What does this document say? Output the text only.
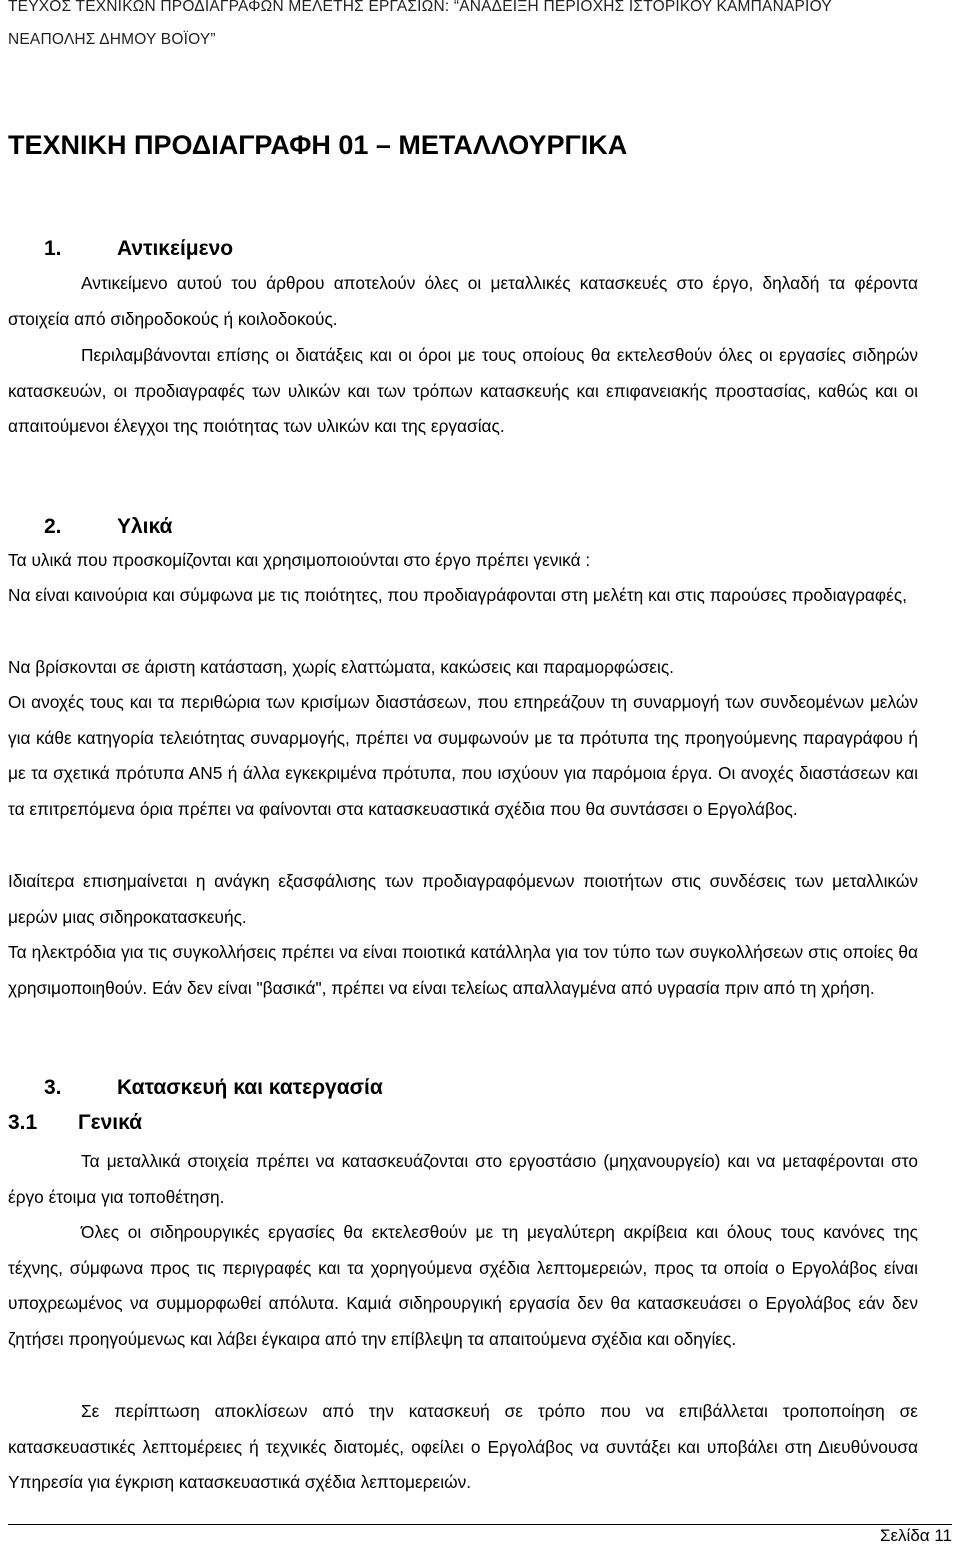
ΤΕΥΧΟΣ ΤΕΧΝΙΚΩΝ ΠΡΟΔΙΑΓΡΑΦΩΝ ΜΕΛΕΤΗΣ ΕΡΓΑΣΙΩΝ: “ΑΝΑΔΕΙΞΗ ΠΕΡΙΟΧΗΣ ΙΣΤΟΡΙΚΟΥ ΚΑΜΠΑΝΑΡΙΟΥ
ΝΕΑΠΟΛΗΣ ΔΗΜΟΥ ΒΟΪΟΥ”
ΤΕΧΝΙΚΗ ΠΡΟΔΙΑΓΡΑΦΗ 01 – ΜΕΤΑΛΛΟΥΡΓΙΚΑ
1.	Αντικείμενο
Αντικείμενο αυτού του άρθρου αποτελούν όλες οι μεταλλικές κατασκευές στο έργο, δηλαδή τα φέροντα στοιχεία από σιδηροδοκούς ή κοιλοδοκούς.
Περιλαμβάνονται επίσης οι διατάξεις και οι όροι με τους οποίους θα εκτελεσθούν όλες οι εργασίες σιδηρών κατασκευών, οι προδιαγραφές των υλικών και των τρόπων κατασκευής και επιφανειακής προστασίας, καθώς και οι απαιτούμενοι έλεγχοι της ποιότητας των υλικών και της εργασίας.
2.	Υλικά
Τα υλικά που προσκομίζονται και χρησιμοποιούνται στο έργο πρέπει γενικά :
Να είναι καινούρια και σύμφωνα με τις ποιότητες, που προδιαγράφονται στη μελέτη και στις παρούσες προδιαγραφές,
Να βρίσκονται σε άριστη κατάσταση, χωρίς ελαττώματα, κακώσεις και παραμορφώσεις.
Οι ανοχές τους και τα περιθώρια των κρισίμων διαστάσεων, που επηρεάζουν τη συναρμογή των συνδεομένων μελών για κάθε κατηγορία τελειότητας συναρμογής, πρέπει να συμφωνούν με τα πρότυπα της προηγούμενης παραγράφου ή με τα σχετικά πρότυπα ΑΝ5 ή άλλα εγκεκριμένα πρότυπα, που ισχύουν για παρόμοια έργα. Οι ανοχές διαστάσεων και τα επιτρεπόμενα όρια πρέπει να φαίνονται στα κατασκευαστικά σχέδια που θα συντάσσει ο Εργολάβος.
Ιδιαίτερα επισημαίνεται η ανάγκη εξασφάλισης των προδιαγραφόμενων ποιοτήτων στις συνδέσεις των μεταλλικών μερών μιας σιδηροκατασκευής.
Τα ηλεκτρόδια για τις συγκολλήσεις πρέπει να είναι ποιοτικά κατάλληλα για τον τύπο των συγκολλήσεων στις οποίες θα χρησιμοποιηθούν. Εάν δεν είναι "βασικά", πρέπει να είναι τελείως απαλλαγμένα από υγρασία πριν από τη χρήση.
3.	Κατασκευή και κατεργασία
3.1 Γενικά
Τα μεταλλικά στοιχεία πρέπει να κατασκευάζονται στο εργοστάσιο (μηχανουργείο) και να μεταφέρονται στο έργο έτοιμα για τοποθέτηση.
Όλες οι σιδηρουργικές εργασίες θα εκτελεσθούν με τη μεγαλύτερη ακρίβεια και όλους τους κανόνες της τέχνης, σύμφωνα προς τις περιγραφές και τα χορηγούμενα σχέδια λεπτομερειών, προς τα οποία ο Εργολάβος είναι υποχρεωμένος να συμμορφωθεί απόλυτα. Καμιά σιδηρουργική εργασία δεν θα κατασκευάσει ο Εργολάβος εάν δεν ζητήσει προηγούμενως και λάβει έγκαιρα από την επίβλεψη τα απαιτούμενα σχέδια και οδηγίες.
Σε περίπτωση αποκλίσεων από την κατασκευή σε τρόπο που να επιβάλλεται τροποποίηση σε κατασκευαστικές λεπτομέρειες ή τεχνικές διατομές, οφείλει ο Εργολάβος να συντάξει και υποβάλει στη Διευθύνουσα Υπηρεσία για έγκριση κατασκευαστικά σχέδια λεπτομερειών.
Σελίδα 11
